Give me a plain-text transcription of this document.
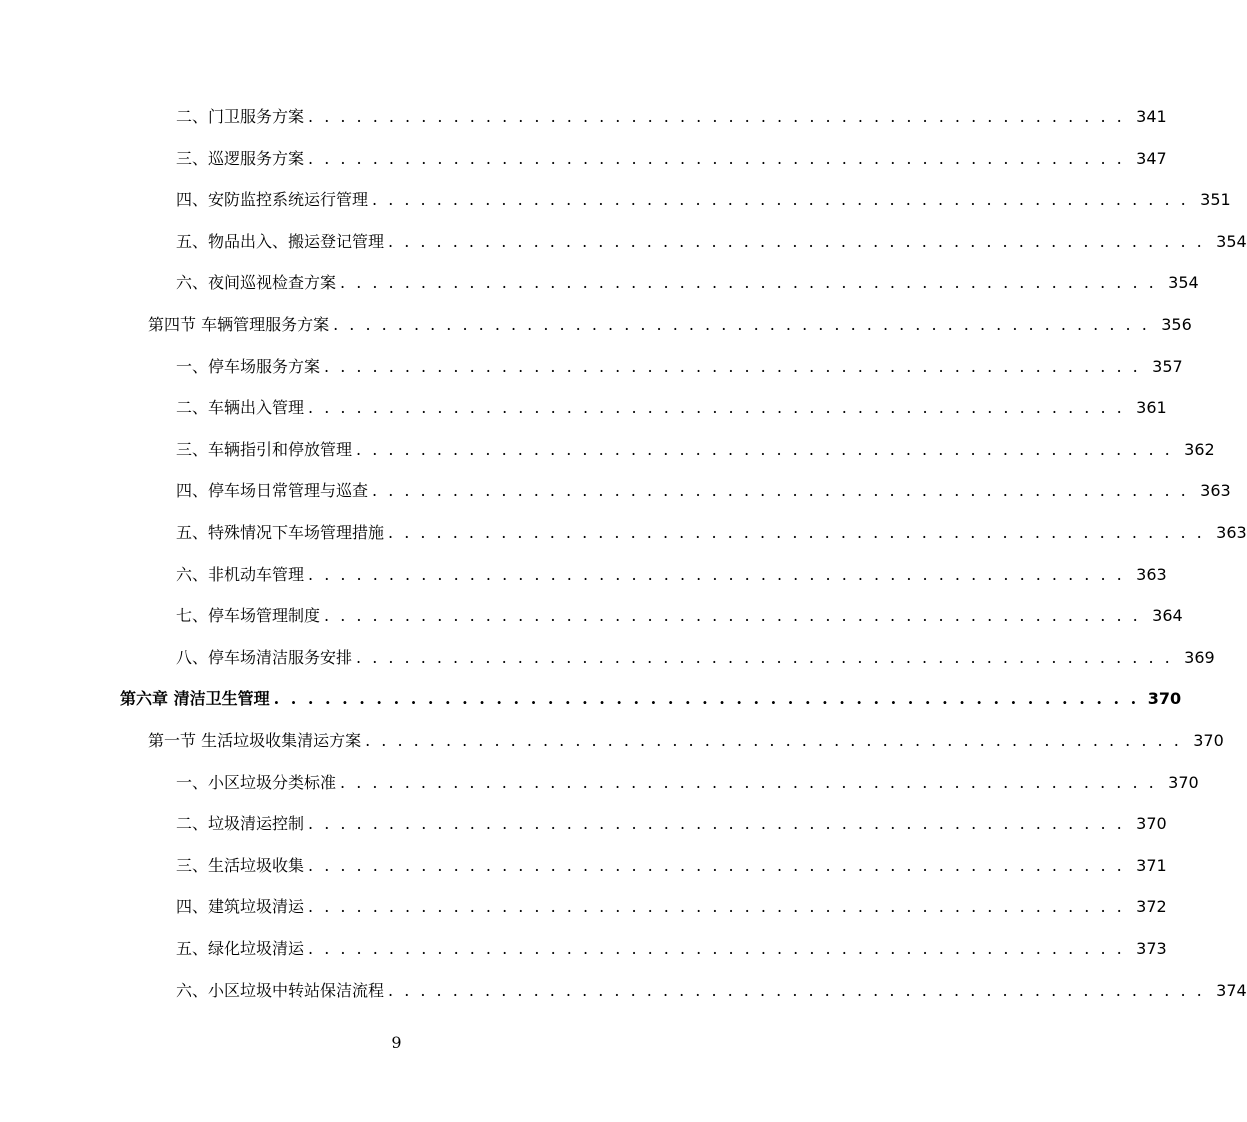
二、门卫服务方案 . . . . . . . . . . . . . . . . . . . . . . . . . . . . . . . . . . . . . . . . . . . . . . . . . . . 341
三、巡逻服务方案 . . . . . . . . . . . . . . . . . . . . . . . . . . . . . . . . . . . . . . . . . . . . . . . . . . . 347
四、安防监控系统运行管理 . . . . . . . . . . . . . . . . . . . . . . . . . . . . . . . . . . . . . . . . . . . . . . . . . . . 351
五、物品出入、搬运登记管理 . . . . . . . . . . . . . . . . . . . . . . . . . . . . . . . . . . . . . . . . . . . . . . . . . . . 354
六、夜间巡视检查方案 . . . . . . . . . . . . . . . . . . . . . . . . . . . . . . . . . . . . . . . . . . . . . . . . . . . 354
第四节 车辆管理服务方案 . . . . . . . . . . . . . . . . . . . . . . . . . . . . . . . . . . . . . . . . . . . . . . . . . . . 356
一、停车场服务方案 . . . . . . . . . . . . . . . . . . . . . . . . . . . . . . . . . . . . . . . . . . . . . . . . . . . 357
二、车辆出入管理 . . . . . . . . . . . . . . . . . . . . . . . . . . . . . . . . . . . . . . . . . . . . . . . . . . . 361
三、车辆指引和停放管理 . . . . . . . . . . . . . . . . . . . . . . . . . . . . . . . . . . . . . . . . . . . . . . . . . . . 362
四、停车场日常管理与巡查 . . . . . . . . . . . . . . . . . . . . . . . . . . . . . . . . . . . . . . . . . . . . . . . . . . . 363
五、特殊情况下车场管理措施 . . . . . . . . . . . . . . . . . . . . . . . . . . . . . . . . . . . . . . . . . . . . . . . . . . . 363
六、非机动车管理 . . . . . . . . . . . . . . . . . . . . . . . . . . . . . . . . . . . . . . . . . . . . . . . . . . . 363
七、停车场管理制度 . . . . . . . . . . . . . . . . . . . . . . . . . . . . . . . . . . . . . . . . . . . . . . . . . . . 364
八、停车场清洁服务安排 . . . . . . . . . . . . . . . . . . . . . . . . . . . . . . . . . . . . . . . . . . . . . . . . . . . 369
第六章 清洁卫生管理 . . . . . . . . . . . . . . . . . . . . . . . . . . . . . . . . . . . . . . . . . . . . . . . . . . . 370
第一节 生活垃圾收集清运方案 . . . . . . . . . . . . . . . . . . . . . . . . . . . . . . . . . . . . . . . . . . . . . . . . . . . 370
一、小区垃圾分类标准 . . . . . . . . . . . . . . . . . . . . . . . . . . . . . . . . . . . . . . . . . . . . . . . . . . . 370
二、垃圾清运控制 . . . . . . . . . . . . . . . . . . . . . . . . . . . . . . . . . . . . . . . . . . . . . . . . . . . 370
三、生活垃圾收集 . . . . . . . . . . . . . . . . . . . . . . . . . . . . . . . . . . . . . . . . . . . . . . . . . . . 371
四、建筑垃圾清运 . . . . . . . . . . . . . . . . . . . . . . . . . . . . . . . . . . . . . . . . . . . . . . . . . . . 372
五、绿化垃圾清运 . . . . . . . . . . . . . . . . . . . . . . . . . . . . . . . . . . . . . . . . . . . . . . . . . . . 373
六、小区垃圾中转站保洁流程 . . . . . . . . . . . . . . . . . . . . . . . . . . . . . . . . . . . . . . . . . . . . . . . . . . . 374
9
